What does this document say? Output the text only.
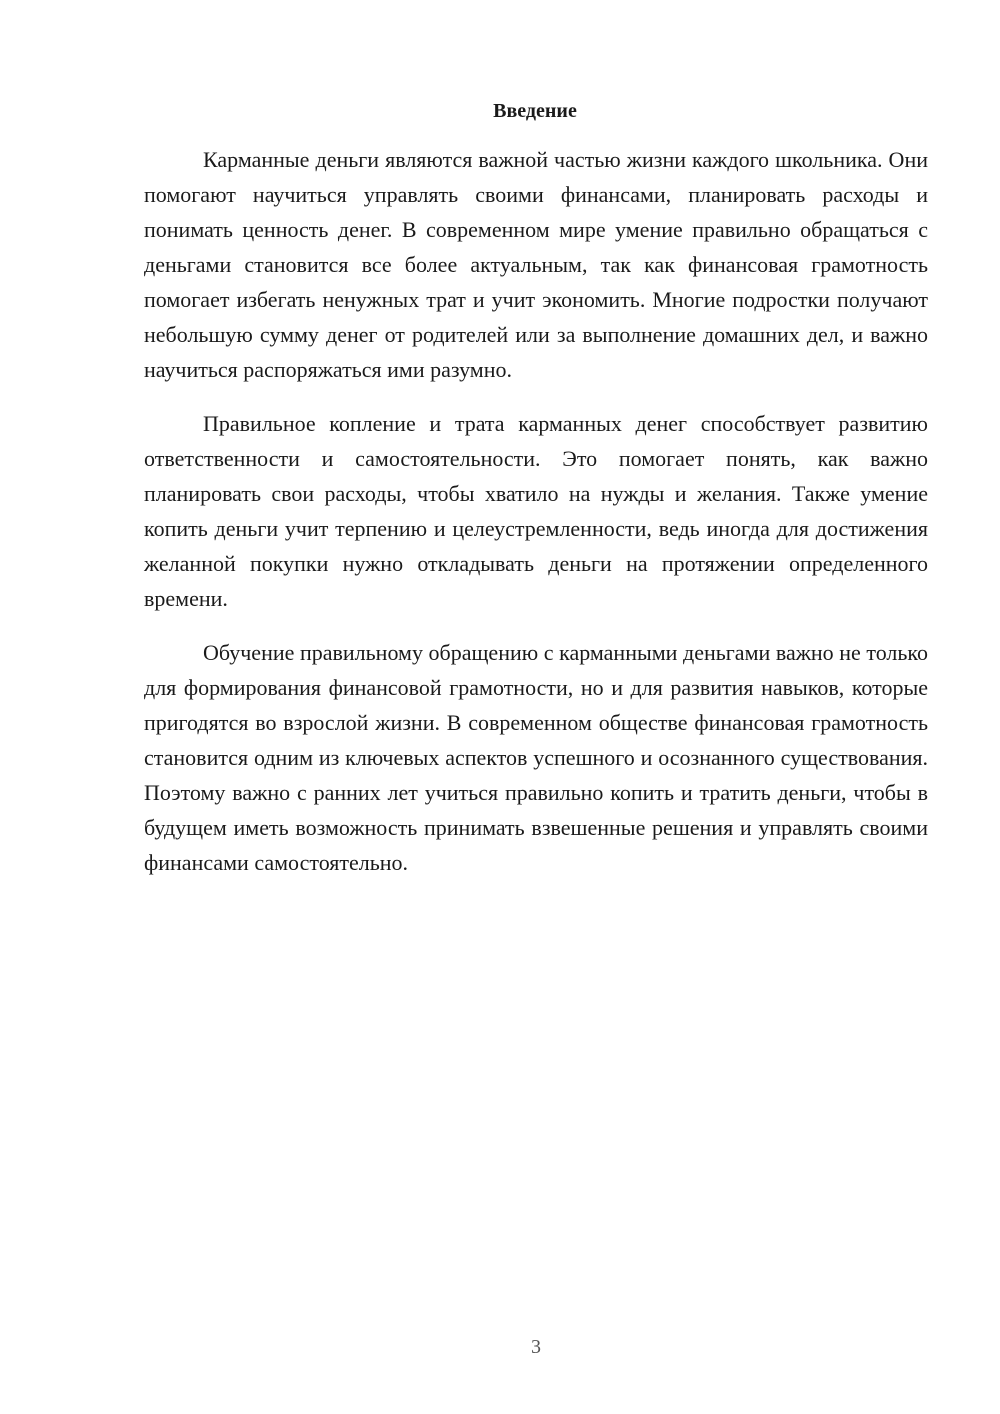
Введение

Карманные деньги являются важной частью жизни каждого школьника. Они помогают научиться управлять своими финансами, планировать расходы и понимать ценность денег. В современном мире умение правильно обращаться с деньгами становится все более актуальным, так как финансовая грамотность помогает избегать ненужных трат и учит экономить. Многие подростки получают небольшую сумму денег от родителей или за выполнение домашних дел, и важно научиться распоряжаться ими разумно.

Правильное копление и трата карманных денег способствует развитию ответственности и самостоятельности. Это помогает понять, как важно планировать свои расходы, чтобы хватило на нужды и желания. Также умение копить деньги учит терпению и целеустремленности, ведь иногда для достижения желанной покупки нужно откладывать деньги на протяжении определенного времени.

Обучение правильному обращению с карманными деньгами важно не только для формирования финансовой грамотности, но и для развития навыков, которые пригодятся во взрослой жизни. В современном обществе финансовая грамотность становится одним из ключевых аспектов успешного и осознанного существования. Поэтому важно с ранних лет учиться правильно копить и тратить деньги, чтобы в будущем иметь возможность принимать взвешенные решения и управлять своими финансами самостоятельно.

3
